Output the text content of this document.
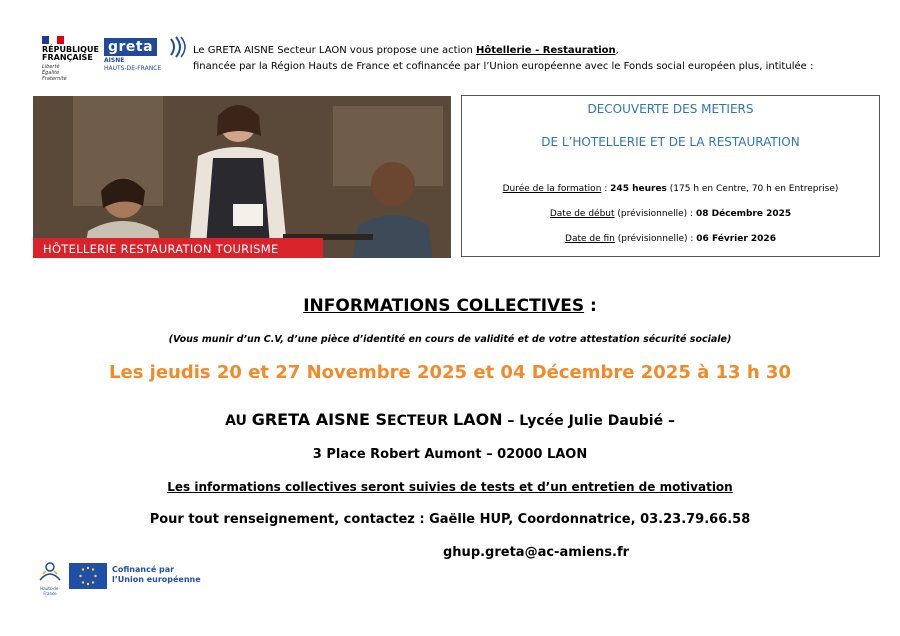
RÉPUBLIQUE
FRANÇAISE
Liberté
Égalité
Fraternité
greta
AISNE
HAUTS-DE-FRANCE
Le GRETA AISNE Secteur LAON vous propose une action Hôtellerie - Restauration,
financée par la Région Hauts de France et cofinancée par l’Union européenne avec le Fonds social européen plus, intitulée :
HÔTELLERIE RESTAURATION TOURISME
DECOUVERTE DES METIERS
DE L’HOTELLERIE ET DE LA RESTAURATION
Durée de la formation : 245 heures (175 h en Centre, 70 h en Entreprise)
Date de début (prévisionnelle) : 08 Décembre 2025
Date de fin (prévisionnelle) : 06 Février 2026
INFORMATIONS COLLECTIVES :
(Vous munir d’un C.V, d’une pièce d’identité en cours de validité et de votre attestation sécurité sociale)
Les jeudis 20 et 27 Novembre 2025 et 04 Décembre 2025 à 13 h 30
AU GRETA AISNE SECTEUR LAON – Lycée Julie Daubié –
3 Place Robert Aumont – 02000 LAON
Les informations collectives seront suivies de tests et d’un entretien de motivation
Pour tout renseignement, contactez : Gaëlle HUP, Coordonnatrice, 03.23.79.66.58
ghup.greta@ac-amiens.fr
Hauts-de-France
Cofinancé par
l’Union européenne
